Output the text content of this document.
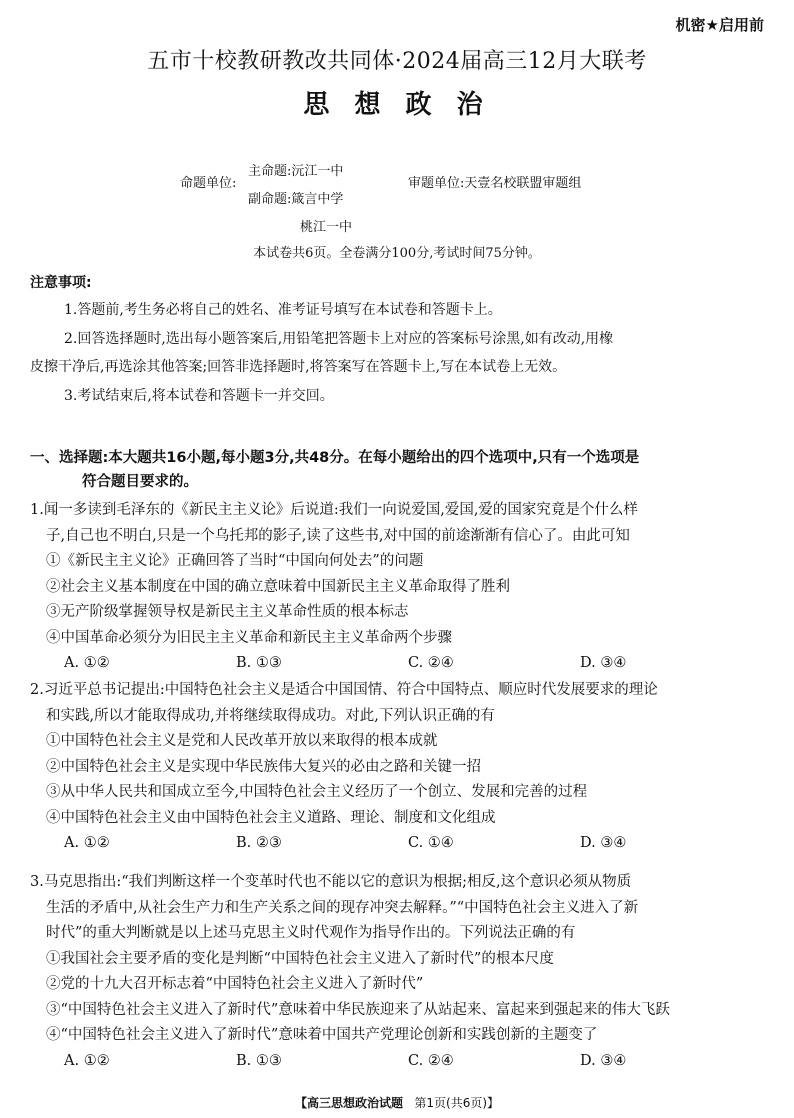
机密★启用前
五市十校教研教改共同体·2024届高三12月大联考
思 想 政 治
命题单位:
主命题:沅江一中
副命题:箴言中学
桃江一中
审题单位:天壹名校联盟审题组
本试卷共6页。全卷满分100分,考试时间75分钟。
注意事项:
1.答题前,考生务必将自己的姓名、准考证号填写在本试卷和答题卡上。
2.回答选择题时,选出每小题答案后,用铅笔把答题卡上对应的答案标号涂黑,如有改动,用橡
皮擦干净后,再选涂其他答案;回答非选择题时,将答案写在答题卡上,写在本试卷上无效。
3.考试结束后,将本试卷和答题卡一并交回。
一、选择题:本大题共16小题,每小题3分,共48分。在每小题给出的四个选项中,只有一个选项是
符合题目要求的。
1.闻一多读到毛泽东的《新民主主义论》后说道:我们一向说爱国,爱国,爱的国家究竟是个什么样
子,自己也不明白,只是一个乌托邦的影子,读了这些书,对中国的前途渐渐有信心了。由此可知
①《新民主主义论》正确回答了当时“中国向何处去”的问题
②社会主义基本制度在中国的确立意味着中国新民主主义革命取得了胜利
③无产阶级掌握领导权是新民主主义革命性质的根本标志
④中国革命必须分为旧民主主义革命和新民主主义革命两个步骤
A. ①②	B. ①③	C. ②④	D. ③④
2.习近平总书记提出:中国特色社会主义是适合中国国情、符合中国特点、顺应时代发展要求的理论
和实践,所以才能取得成功,并将继续取得成功。对此,下列认识正确的有
①中国特色社会主义是党和人民改革开放以来取得的根本成就
②中国特色社会主义是实现中华民族伟大复兴的必由之路和关键一招
③从中华人民共和国成立至今,中国特色社会主义经历了一个创立、发展和完善的过程
④中国特色社会主义由中国特色社会主义道路、理论、制度和文化组成
A. ①②	B. ②③	C. ①④	D. ③④
3.马克思指出:“我们判断这样一个变革时代也不能以它的意识为根据;相反,这个意识必须从物质
生活的矛盾中,从社会生产力和生产关系之间的现存冲突去解释。”“中国特色社会主义进入了新
时代”的重大判断就是以上述马克思主义时代观作为指导作出的。下列说法正确的有
①我国社会主要矛盾的变化是判断“中国特色社会主义进入了新时代”的根本尺度
②党的十九大召开标志着“中国特色社会主义进入了新时代”
③“中国特色社会主义进入了新时代”意味着中华民族迎来了从站起来、富起来到强起来的伟大飞跃
④“中国特色社会主义进入了新时代”意味着中国共产党理论创新和实践创新的主题变了
A. ①②	B. ①③	C. ②④	D. ③④
【高三思想政治试题 第1页(共6页)】
